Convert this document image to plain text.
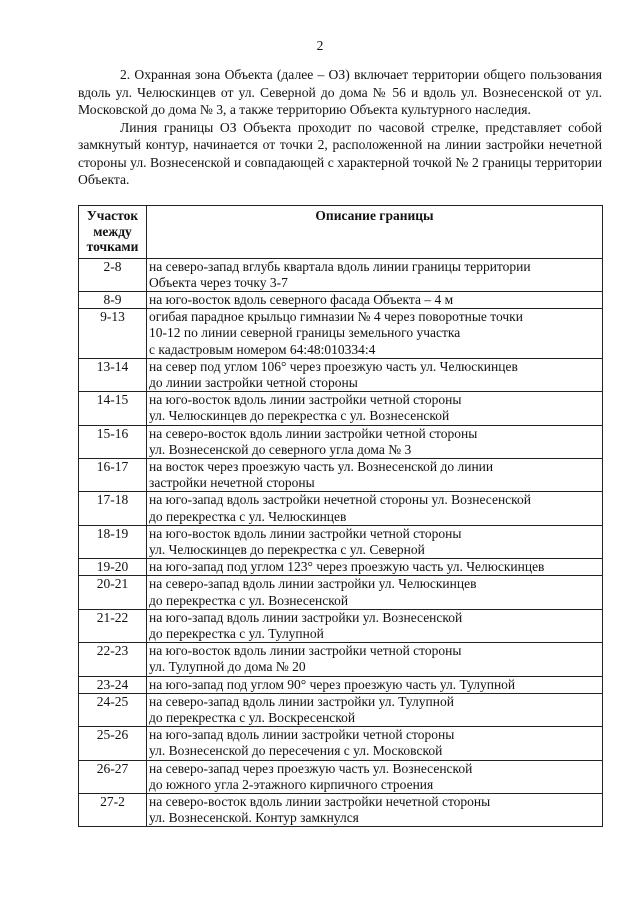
2

2. Охранная зона Объекта (далее – ОЗ) включает территории общего пользования вдоль ул. Челюскинцев от ул. Северной до дома № 56 и вдоль ул. Вознесенской от ул. Московской до дома № 3, а также территорию Объекта культурного наследия.

Линия границы ОЗ Объекта проходит по часовой стрелке, представляет собой замкнутый контур, начинается от точки 2, расположенной на линии застройки нечетной стороны ул. Вознесенской и совпадающей с характерной точкой № 2 границы территории Объекта.

Участок между точками	Описание границы
2-8	на северо-запад вглубь квартала вдоль линии границы территории
Объекта через точку 3-7

8-9	на юго-восток вдоль северного фасада Объекта – 4 м

9-13	огибая парадное крыльцо гимназии № 4 через поворотные точки
10-12 по линии северной границы земельного участка
с кадастровым номером 64:48:010334:4

13-14	на север под углом 106° через проезжую часть ул. Челюскинцев
до линии застройки четной стороны

14-15	на юго-восток вдоль линии застройки четной стороны
ул. Челюскинцев до перекрестка с ул. Вознесенской

15-16	на северо-восток вдоль линии застройки четной стороны
ул. Вознесенской до северного угла дома № 3

16-17	на восток через проезжую часть ул. Вознесенской до линии
застройки нечетной стороны

17-18	на юго-запад вдоль застройки нечетной стороны ул. Вознесенской
до перекрестка с ул. Челюскинцев

18-19	на юго-восток вдоль линии застройки четной стороны
ул. Челюскинцев до перекрестка с ул. Северной

19-20	на юго-запад под углом 123° через проезжую часть ул. Челюскинцев

20-21	на северо-запад вдоль линии застройки ул. Челюскинцев
до перекрестка с ул. Вознесенской

21-22	на юго-запад вдоль линии застройки ул. Вознесенской
до перекрестка с ул. Тулупной

22-23	на юго-восток вдоль линии застройки четной стороны
ул. Тулупной до дома № 20

23-24	на юго-запад под углом 90° через проезжую часть ул. Тулупной

24-25	на северо-запад вдоль линии застройки ул. Тулупной
до перекрестка с ул. Воскресенской

25-26	на юго-запад вдоль линии застройки четной стороны
ул. Вознесенской до пересечения с ул. Московской

26-27	на северо-запад через проезжую часть ул. Вознесенской
до южного угла 2-этажного кирпичного строения

27-2	на северо-восток вдоль линии застройки нечетной стороны
ул. Вознесенской. Контур замкнулся
